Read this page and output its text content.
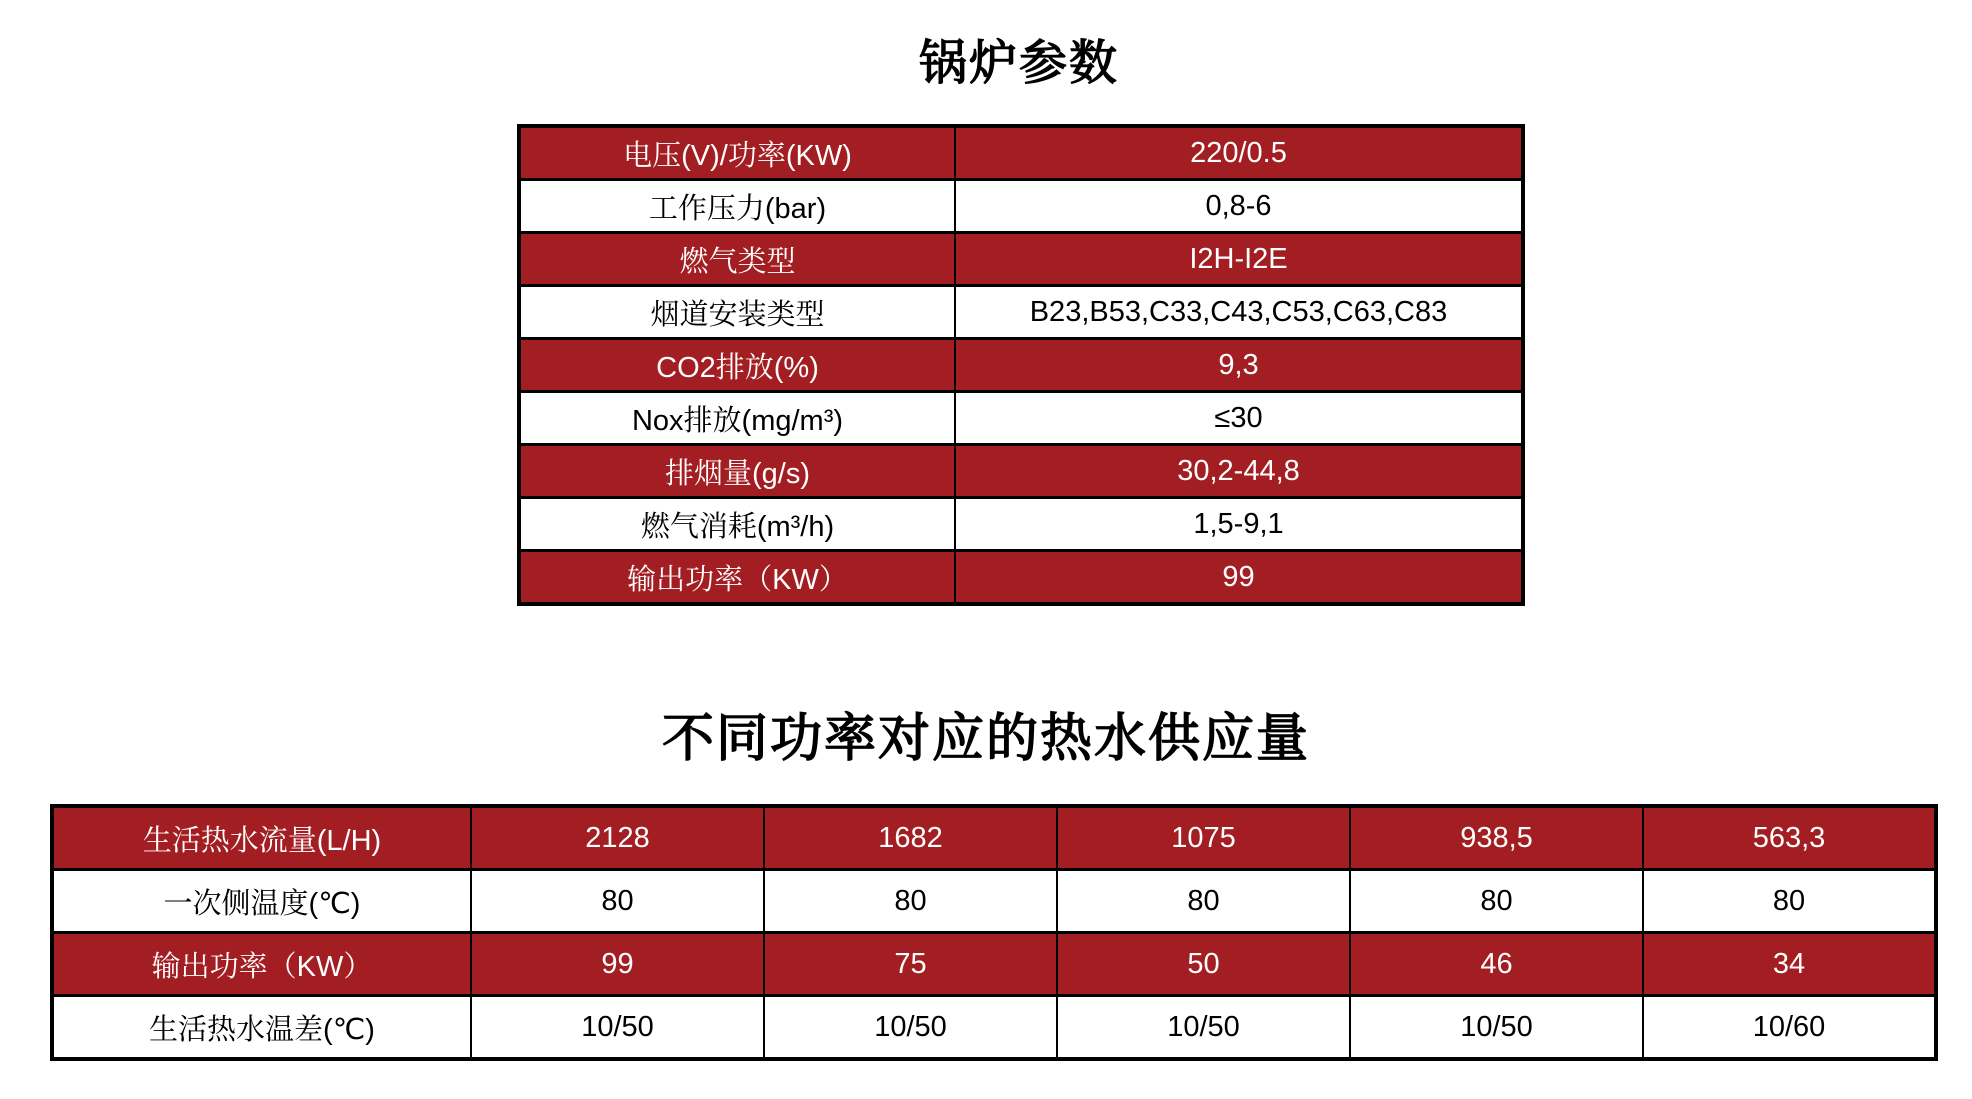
锅炉参数
电压(V)/功率(KW)	220/0.5
工作压力(bar)	0,8-6
燃气类型	I2H-I2E
烟道安装类型	B23,B53,C33,C43,C53,C63,C83
CO2排放(%)	9,3
Nox排放(mg/m³)	≤30
排烟量(g/s)	30,2-44,8
燃气消耗(m³/h)	1,5-9,1
输出功率（KW）	99
不同功率对应的热水供应量
生活热水流量(L/H)	2128	1682	1075	938,5	563,3
一次侧温度(℃)	80	80	80	80	80
输出功率（KW）	99	75	50	46	34
生活热水温差(℃)	10/50	10/50	10/50	10/50	10/60
